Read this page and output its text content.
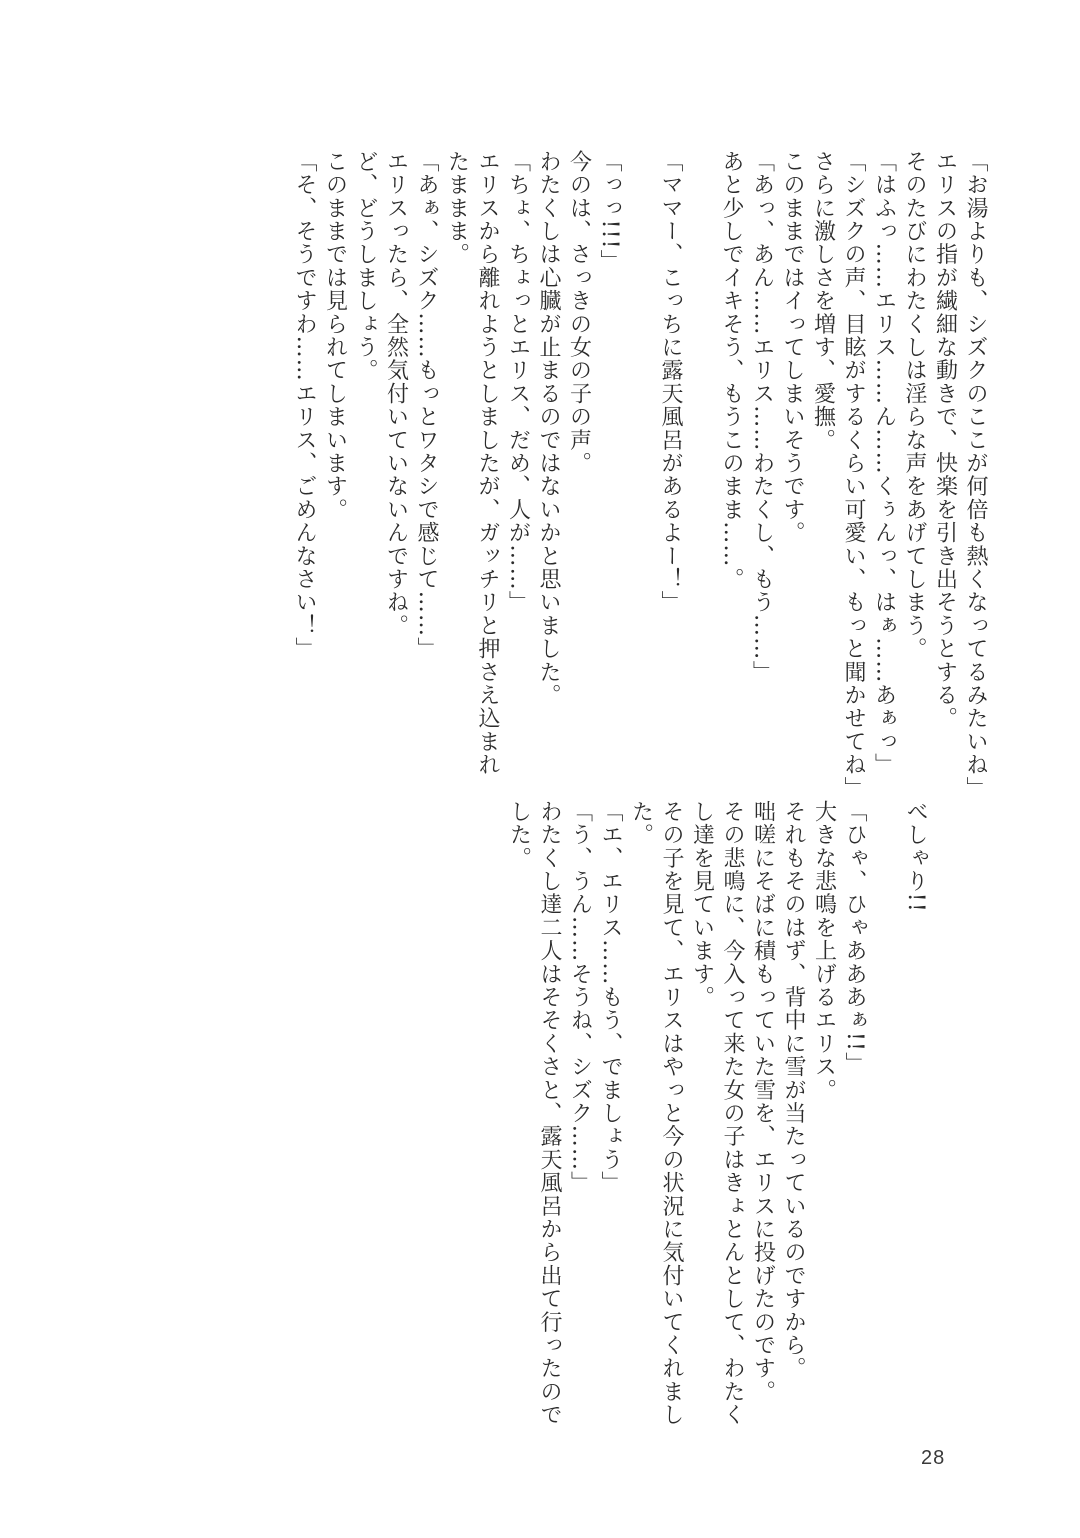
「お湯よりも、シズクのここが何倍も熱くなってるみたいね」
エリスの指が繊細な動きで、快楽を引き出そうとする。
そのたびにわたくしは淫らな声をあげてしまう。
「はふっ……エリス……ん……くぅんっ、はぁ……あぁっ」
「シズクの声、目眩がするくらい可愛い、もっと聞かせてね」
さらに激しさを増す、愛撫。
このままではイってしまいそうです。
「あっ、あん……エリス……わたくし、もう……」
あと少しでイキそう、もうこのまま……。

「ママー、こっちに露天風呂があるよー！」

「っっ!!!」
今のは、さっきの女の子の声。
わたくしは心臓が止まるのではないかと思いました。
「ちょ、ちょっとエリス、だめ、人が……」
エリスから離れようとしましたが、ガッチリと押さえ込まれ
たままま。
「あぁ、シズク……もっとワタシで感じて……」
エリスったら、全然気付いていないんですね。
ど、どうしましょう。
このままでは見られてしまいます。
「そ、そうですわ……エリス、ごめんなさい！」
べしゃり!!

「ひゃ、ひゃあああぁ!!」
大きな悲鳴を上げるエリス。
それもそのはず、背中に雪が当たっているのですから。
咄嗟にそばに積もっていた雪を、エリスに投げたのです。
その悲鳴に、今入って来た女の子はきょとんとして、わたく
し達を見ています。
その子を見て、エリスはやっと今の状況に気付いてくれまし
た。
「エ、エリス……もう、でましょう」
「う、うん……そうね、シズク……」
わたくし達二人はそそくさと、露天風呂から出て行ったので
した。
28
